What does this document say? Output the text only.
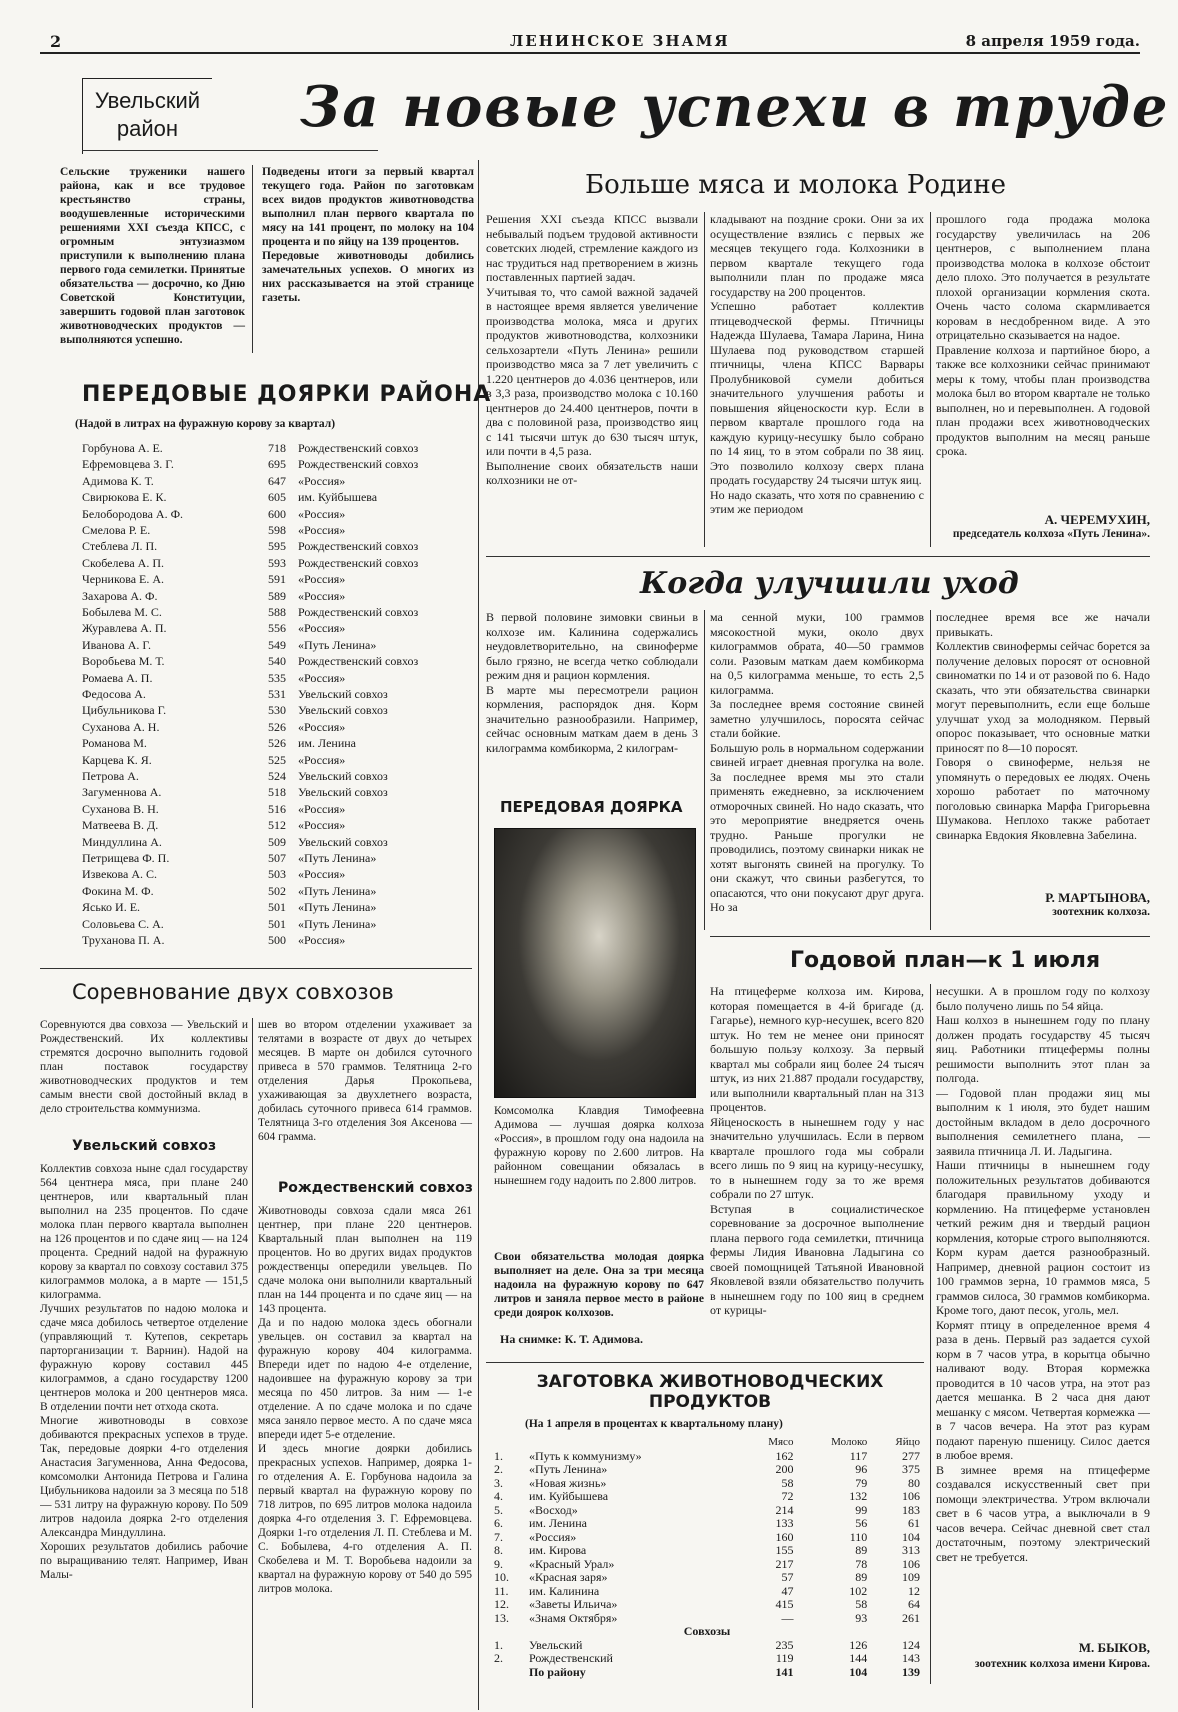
2	ЛЕНИНСКОЕ ЗНАМЯ	8 апреля 1959 года.
Увельский район	За новые успехи в труде
Сельские труженики нашего района, как и все трудовое крестьянство страны, воодушевленные историческими решениями XXI съезда КПСС, с огромным энтузиазмом приступили к выполнению плана первого года семилетки. Принятые обязательства — досрочно, ко Дню Советской Конституции, завершить годовой план заготовок животноводческих продуктов — выполняются успешно.
Подведены итоги за первый квартал текущего года. Район по заготовкам всех видов продуктов животноводства выполнил план первого квартала по мясу на 141 процент, по молоку на 104 процента и по яйцу на 139 процентов.
Передовые животноводы добились замечательных успехов. О многих из них рассказывается на этой странице газеты.
ПЕРЕДОВЫЕ ДОЯРКИ РАЙОНА
(Надой в литрах на фуражную корову за квартал)
Горбунова А. Е.	718 Рождественский совхоз
Ефремовцева З. Г.	695 Рождественский совхоз
Адимова К. Т.	647 «Россия»
Свирюкова Е. К.	605 им. Куйбышева
Белобородова А. Ф.	600 «Россия»
Смелова Р. Е.	598 «Россия»
Стеблева Л. П.	595 Рождественский совхоз
Скобелева А. П.	593 Рождественский совхоз
Черникова Е. А.	591 «Россия»
Захарова А. Ф.	589 «Россия»
Бобылева М. С.	588 Рождественский совхоз
Журавлева А. П.	556 «Россия»
Иванова А. Г.	549 «Путь Ленина»
Воробьева М. Т.	540 Рождественский совхоз
Ромаева А. П.	535 «Россия»
Федосова А.	531 Увельский совхоз
Цибульникова Г.	530 Увельский совхоз
Суханова А. Н.	526 «Россия»
Романова М.	526 им. Ленина
Карцева К. Я.	525 «Россия»
Петрова А.	524 Увельский совхоз
Загуменнова А.	518 Увельский совхоз
Суханова В. Н.	516 «Россия»
Матвеева В. Д.	512 «Россия»
Миндуллина А.	509 Увельский совхоз
Петрищева Ф. П.	507 «Путь Ленина»
Извекова А. С.	503 «Россия»
Фокина М. Ф.	502 «Путь Ленина»
Ясько И. Е.	501 «Путь Ленина»
Соловьева С. А.	501 «Путь Ленина»
Труханова П. А.	500 «Россия»
Соревнование двух совхозов
Соревнуются два совхоза — Увельский и Рождественский. Их коллективы стремятся досрочно выполнить годовой план поставок государству животноводческих продуктов и тем самым внести свой достойный вклад в дело строительства коммунизма.
Увельский совхоз
Коллектив совхоза ныне сдал государству 564 центнера мяса, при плане 240 центнеров, или квартальный план выполнил на 235 процентов. По сдаче молока план первого квартала выполнен на 126 процентов и по сдаче яиц — на 124 процента. Средний надой на фуражную корову за квартал по совхозу составил 375 килограммов молока, а в марте — 151,5 килограмма.
Лучших результатов по надою молока и сдаче мяса добилось четвертое отделение (управляющий т. Кутепов, секретарь парторганизации т. Варнин). Надой на фуражную корову составил 445 килограммов, а сдано государству 1200 центнеров молока и 200 центнеров мяса. В отделении почти нет отхода скота.
Многие животноводы в совхозе добиваются прекрасных успехов в труде. Так, передовые доярки 4-го отделения Анастасия Загуменнова, Анна Федосова, комсомолки Антонида Петрова и Галина Цибульникова надоили за 3 месяца по 518 — 531 литру на фуражную корову. По 509 литров надоила доярка 2-го отделения Александра Миндуллина.
Хороших результатов добились рабочие по выращиванию телят. Например, Иван Малы-
шев во втором отделении ухаживает за телятами в возрасте от двух до четырех месяцев. В марте он добился суточного привеса в 570 граммов. Телятница 2-го отделения Дарья Прокопьева, ухаживающая за двухлетнего возраста, добилась суточного привеса 614 граммов. Телятница 3-го отделения Зоя Аксенова — 604 грамма.
Рождественский совхоз
Животноводы совхоза сдали мяса 261 центнер, при плане 220 центнеров. Квартальный план выполнен на 119 процентов. Но во других видах продуктов рождественцы опередили увельцев. По сдаче молока они выполнили квартальный план на 144 процента и по сдаче яиц — на 143 процента.
Да и по надою молока здесь обогнали увельцев. он составил за квартал на фуражную корову 404 килограмма. Впереди идет по надою 4-е отделение, надоившее на фуражную корову за три месяца по 450 литров. За ним — 1-е отделение. А по сдаче молока и по сдаче мяса заняло первое место. А по сдаче мяса впереди идет 5-е отделение.
И здесь многие доярки добились прекрасных успехов. Например, доярка 1-го отделения А. Е. Горбунова надоила за первый квартал на фуражную корову по 718 литров, по 695 литров молока надоила доярка 4-го отделения З. Г. Ефремовцева. Доярки 1-го отделения Л. П. Стеблева и М. С. Бобылева, 4-го отделения А. П. Скобелева и М. Т. Воробьева надоили за квартал на фуражную корову от 540 до 595 литров молока.
Больше мяса и молока Родине
Решения XXI съезда КПСС вызвали небывалый подъем трудовой активности советских людей, стремление каждого из нас трудиться над претворением в жизнь поставленных партией задач.
Учитывая то, что самой важной задачей в настоящее время является увеличение производства молока, мяса и других продуктов животноводства, колхозники сельхозартели «Путь Ленина» решили производство мяса за 7 лет увеличить с 1.220 центнеров до 4.036 центнеров, или в 3,3 раза, производство молока с 10.160 центнеров до 24.400 центнеров, почти в два с половиной раза, производство яиц с 141 тысячи штук до 630 тысяч штук, или почти в 4,5 раза.
Выполнение своих обязательств наши колхозники не от-
кладывают на поздние сроки. Они за их осуществление взялись с первых же месяцев текущего года. Колхозники в первом квартале текущего года выполнили план по продаже мяса государству на 200 процентов.
Успешно работает коллектив птицеводческой фермы. Птичницы Надежда Шулаева, Тамара Ларина, Нина Шулаева под руководством старшей птичницы, члена КПСС Варвары Пролубниковой сумели добиться значительного улучшения работы и повышения яйценоскости кур. Если в первом квартале прошлого года на каждую курицу-несушку было собрано по 14 яиц, то в этом собрали по 38 яиц. Это позволило колхозу сверх плана продать государству 24 тысячи штук яиц.
Но надо сказать, что хотя по сравнению с этим же периодом
прошлого года продажа молока государству увеличилась на 206 центнеров, с выполнением плана производства молока в колхозе обстоит дело плохо. Это получается в результате плохой организации кормления скота. Очень часто солома скармливается коровам в несдобренном виде. А это отрицательно сказывается на надое.
Правление колхоза и партийное бюро, а также все колхозники сейчас принимают меры к тому, чтобы план производства молока был во втором квартале не только выполнен, но и перевыполнен. А годовой план продажи всех животноводческих продуктов выполним на месяц раньше срока.
А. ЧЕРЕМУХИН,
председатель колхоза «Путь Ленина».
Когда улучшили уход
В первой половине зимовки свиньи в колхозе им. Калинина содержались неудовлетворительно, на свинoферме было грязно, не всегда четко соблюдали режим дня и рацион кормления.
В марте мы пересмотрели рацион кормления, распорядок дня. Корм значительно разнообразили. Например, сейчас основным маткам даем в день 3 килограмма комбикорма, 2 килограм-
ма сенной муки, 100 граммов мясокостной муки, около двух килограммов обрата, 40—50 граммов соли. Разовым маткам даем комбикорма на 0,5 килограмма меньше, то есть 2,5 килограмма.
За последнее время состояние свиней заметно улучшилось, поросята сейчас стали бойкие.
Большую роль в нормальном содержании свиней играет дневная прогулка на воле. За последнее время мы это стали применять ежедневно, за исключением отморочных свиней. Но надо сказать, что это мероприятие внедряется очень трудно. Раньше прогулки не проводились, поэтому свинарки никак не хотят выгонять свиней на прогулку. То они скажут, что свиньи разбегутся, то опасаются, что они покусают друг друга. Но за
последнее время все же начали привыкать.
Коллектив свинофермы сейчас борется за получение деловых поросят от основной свиноматки по 14 и от разовой по 6. Надо сказать, что эти обязательства свинарки могут перевыполнить, если еще больше улучшат уход за молодняком. Первый опорос показывает, что основные матки приносят по 8—10 поросят.
Говоря о свиноферме, нельзя не упомянуть о передовых ее людях. Очень хорошо работает по маточному поголовью свинарка Марфа Григорьевна Шумакова. Неплохо также работает свинарка Евдокия Яковлевна Забелина.
Р. МАРТЫНОВА,
зоотехник колхоза.
ПЕРЕДОВАЯ ДОЯРКА
Комсомолка Клавдия Тимофеевна Адимова — лучшая доярка колхоза «Россия», в прошлом году она надоила на фуражную корову по 2.600 литров. На районном совещании обязалась в нынешнем году надоить по 2.800 литров.
Свои обязательства молодая доярка выполняет на деле. Она за три месяца надоила на фуражную корову по 647 литров и заняла первое место в районе среди доярок колхозов.
На снимке: К. Т. Адимова.
Годовой план—к 1 июля
На птицеферме колхоза им. Кирова, которая помещается в 4-й бригаде (д. Гагарье), немного кур-несушек, всего 820 штук. Но тем не менее они приносят большую пользу колхозу. За первый квартал мы собрали яиц более 24 тысяч штук, из них 21.887 продали государству, или выполнили квартальный план на 313 процентов.
Яйценоскость в нынешнем году у нас значительно улучшилась. Если в первом квартале прошлого года мы собрали всего лишь по 9 яиц на курицу-несушку, то в нынешнем году за то же время собрали по 27 штук.
Вступая в социалистическое соревнование за досрочное выполнение плана первого года семилетки, птичница фермы Лидия Ивановна Ладыгина со своей помощницей Татьяной Ивановной Яковлевой взяли обязательство получить в нынешнем году по 100 яиц в среднем от курицы-
несушки. А в прошлом году по колхозу было получено лишь по 54 яйца.
Наш колхоз в нынешнем году по плану должен продать государству 45 тысяч яиц. Работники птицефермы полны решимости выполнить этот план за полгода.
— Годовой план продажи яиц мы выполним к 1 июля, это будет нашим достойным вкладом в дело досрочного выполнения семилетнего плана, — заявила птичница Л. И. Ладыгина.
Наши птичницы в нынешнем году положительных результатов добиваются благодаря правильному уходу и кормлению. На птицеферме установлен четкий режим дня и твердый рацион кормления, которые строго выполняются. Корм курам дается разнообразный. Например, дневной рацион состоит из 100 граммов зерна, 10 граммов мяса, 5 граммов силоса, 30 граммов комбикорма. Кроме того, дают песок, уголь, мел.
Кормят птицу в определенное время 4 раза в день. Первый раз задается сухой корм в 7 часов утра, в корытца обычно наливают воду. Вторая кормежка проводится в 10 часов утра, на этот раз дается мешанка. В 2 часа дня дают мешанку с мясом. Четвертая кормежка — в 7 часов вечера. На этот раз курам подают пареную пшеницу. Силос дается в любое время.
В зимнее время на птицеферме создавался искусственный свет при помощи электричества. Утром включали свет в 6 часов утра, а выключали в 9 часов вечера. Сейчас дневной свет стал достаточным, поэтому электрический свет не требуется.
М. БЫКОВ,
зоотехник колхоза имени Кирова.
ЗАГОТОВКА ЖИВОТНОВОДЧЕСКИХ ПРОДУКТОВ
(На 1 апреля в процентах к квартальному плану)
		Мясо	Молоко	Яйцо
1.	«Путь к коммунизму»	162	117	277
2.	«Путь Ленина»	200	96	375
3.	«Новая жизнь»	58	79	80
4.	им. Куйбышева	72	132	106
5.	«Восход»	214	99	183
6.	им. Ленина	133	56	61
7.	«Россия»	160	110	104
8.	им. Кирова	155	89	313
9.	«Красный Урал»	217	78	106
10.	«Красная заря»	57	89	109
11.	им. Калинина	47	102	12
12.	«Заветы Ильича»	415	58	64
13.	«Знамя Октября»	—	93	261
Совхозы				
1.	Увельский	235	126	124
2.	Рождественский	119	144	143
	По району	141	104	139
